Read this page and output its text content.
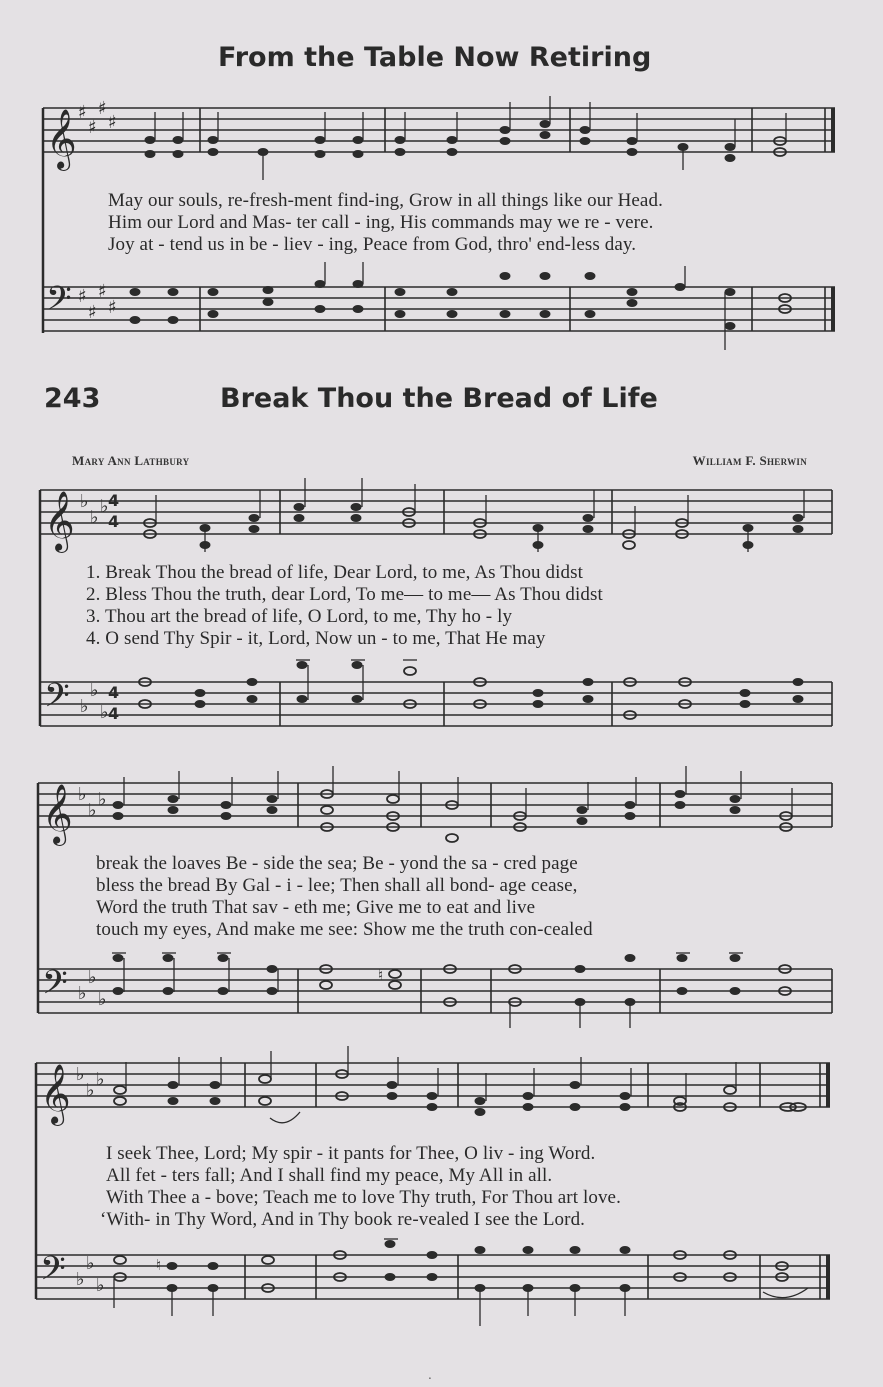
From the Table Now Retiring
𝄞 ♯
♯
♯
♯
𝄢 ♯
♯
♯
♯
May our souls, re-fresh-ment find-ing, Grow in all things like our Head.
Him our Lord and Mas- ter call - ing, His commands may we re - vere.
Joy at - tend us in be - liev - ing, Peace from God, thro' end-less day.
243	Break Thou the Bread of Life
Mary Ann Lathbury	William F. Sherwin
𝄞 ♭
♭
♭ 4
4
𝄢 ♭
♭
♭
4
4
1. Break Thou the bread of life, Dear Lord, to me, As Thou didst
2. Bless Thou the truth, dear Lord, To me— to me— As Thou didst
3. Thou art the bread of life, O Lord, to me, Thy ho - ly
4. O send Thy Spir - it, Lord, Now un - to me, That He may
𝄞 ♭
♭
♭
𝄢 ♭
♭
♭
♮
break the loaves Be - side the sea; Be - yond the sa - cred page
bless the bread By Gal - i - lee; Then shall all bond- age cease,
Word the truth That sav - eth me; Give me to eat and live
touch my eyes, And make me see: Show me the truth con-cealed
𝄞 ♭
♭
♭
𝄢 ♭
♭
♭
♮
I seek Thee, Lord; My spir - it pants for Thee, O liv - ing Word.
All fet - ters fall; And I shall find my peace, My All in all.
With Thee a - bove; Teach me to love Thy truth, For Thou art love.
‘With- in Thy Word, And in Thy book re-vealed I see the Lord.
.
